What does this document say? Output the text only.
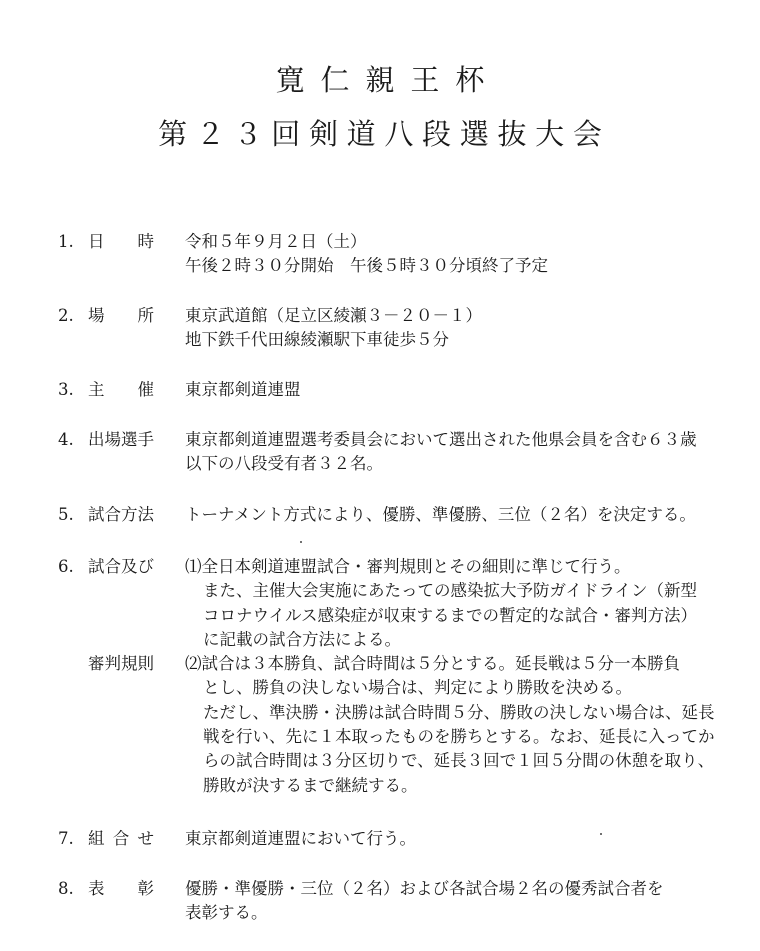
寛仁親王杯
第２３回剣道八段選抜大会
1. 日 時 令和５年９月２日（土）
午後２時３０分開始　午後５時３０分頃終了予定
2. 場 所 東京武道館（足立区綾瀬３－２０－１）
地下鉄千代田線綾瀬駅下車徒歩５分
3. 主 催 東京都剣道連盟
4. 出場選手	東京都剣道連盟選考委員会において選出された他県会員を含む６３歳
以下の八段受有者３２名。
5. 試合方法	トーナメント方式により、優勝、準優勝、三位（２名）を決定する。
6. 試合及び
審判規則
⑴全日本剣道連盟試合・審判規則とその細則に準じて行う。
また、主催大会実施にあたっての感染拡大予防ガイドライン（新型
コロナウイルス感染症が収束するまでの暫定的な試合・審判方法）
に記載の試合方法による。
⑵試合は３本勝負、試合時間は５分とする。延長戦は５分一本勝負
とし、勝負の決しない場合は、判定により勝敗を決める。
ただし、準決勝・決勝は試合時間５分、勝敗の決しない場合は、延長
戦を行い、先に１本取ったものを勝ちとする。なお、延長に入ってか
らの試合時間は３分区切りで、延長３回で１回５分間の休憩を取り、
勝敗が決するまで継続する。
7. 組 合 せ 東京都剣道連盟において行う。
8. 表 彰 優勝・準優勝・三位（２名）および各試合場２名の優秀試合者を
表彰する。
